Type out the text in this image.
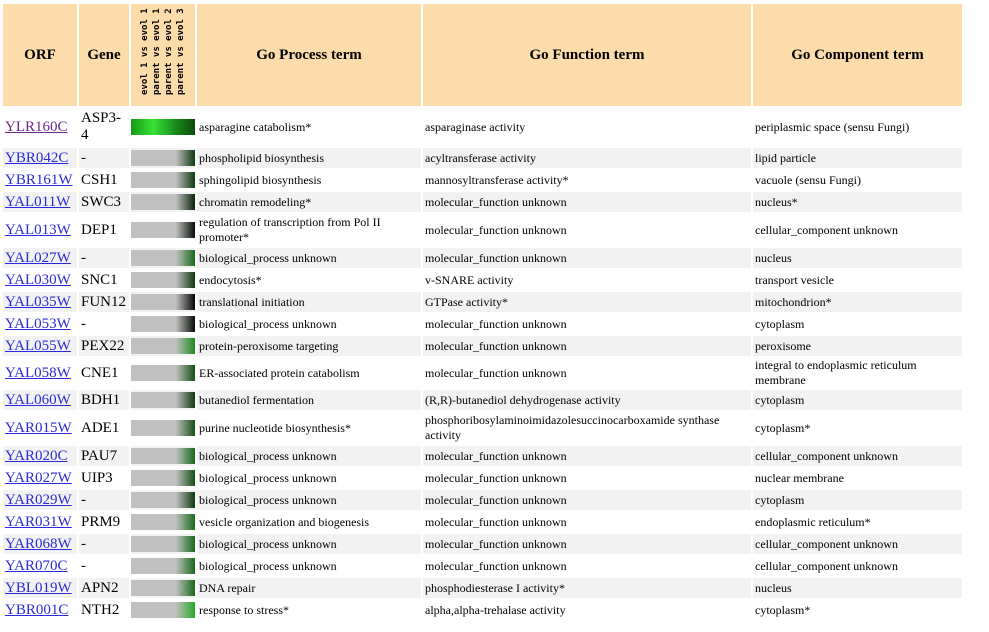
ORF	Gene	evol 1 vs evol 1 parent vs evol 1 parent vs evol 2 parent vs evol 3	Go Process term	Go Function term	Go Component term
YLR160C	ASP3-4		asparagine catabolism*	asparaginase activity	periplasmic space (sensu Fungi)
YBR042C	-		phospholipid biosynthesis	acyltransferase activity	lipid particle
YBR161W	CSH1		sphingolipid biosynthesis	mannosyltransferase activity*	vacuole (sensu Fungi)
YAL011W	SWC3		chromatin remodeling*	molecular_function unknown	nucleus*
YAL013W	DEP1		regulation of transcription from Pol II promoter*	molecular_function unknown	cellular_component unknown
YAL027W	-		biological_process unknown	molecular_function unknown	nucleus
YAL030W	SNC1		endocytosis*	v-SNARE activity	transport vesicle
YAL035W	FUN12		translational initiation	GTPase activity*	mitochondrion*
YAL053W	-		biological_process unknown	molecular_function unknown	cytoplasm
YAL055W	PEX22		protein-peroxisome targeting	molecular_function unknown	peroxisome
YAL058W	CNE1		ER-associated protein catabolism	molecular_function unknown	integral to endoplasmic reticulum membrane
YAL060W	BDH1		butanediol fermentation	(R,R)-butanediol dehydrogenase activity	cytoplasm
YAR015W	ADE1		purine nucleotide biosynthesis*	phosphoribosylaminoimidazolesuccinocarboxamide synthase activity	cytoplasm*
YAR020C	PAU7		biological_process unknown	molecular_function unknown	cellular_component unknown
YAR027W	UIP3		biological_process unknown	molecular_function unknown	nuclear membrane
YAR029W	-		biological_process unknown	molecular_function unknown	cytoplasm
YAR031W	PRM9		vesicle organization and biogenesis	molecular_function unknown	endoplasmic reticulum*
YAR068W	-		biological_process unknown	molecular_function unknown	cellular_component unknown
YAR070C	-		biological_process unknown	molecular_function unknown	cellular_component unknown
YBL019W	APN2		DNA repair	phosphodiesterase I activity*	nucleus
YBR001C	NTH2		response to stress*	alpha,alpha-trehalase activity	cytoplasm*
